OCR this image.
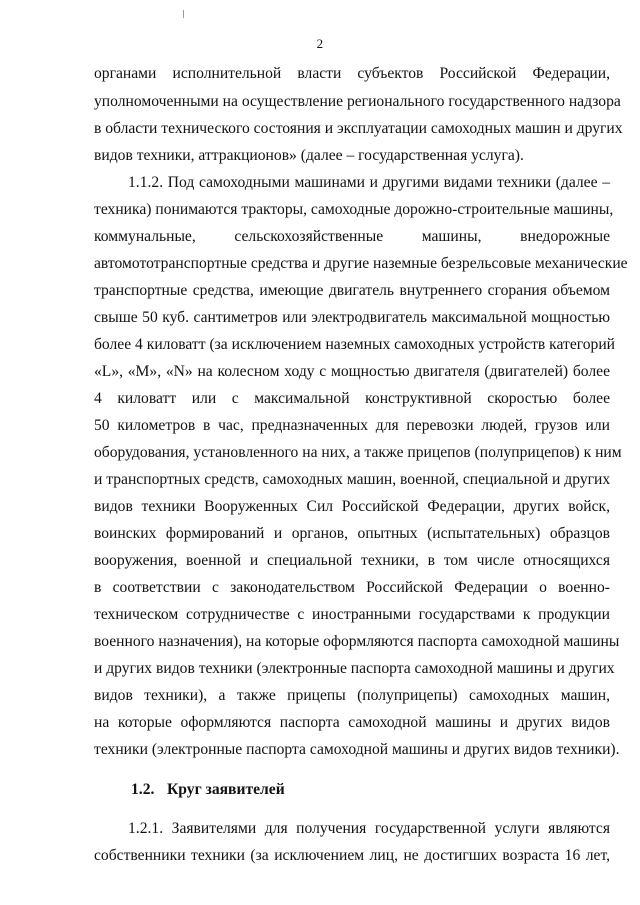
2
органами исполнительной власти субъектов Российской Федерации,
уполномоченными на осуществление регионального государственного надзора
в области технического состояния и эксплуатации самоходных машин и других
видов техники, аттракционов» (далее – государственная услуга).
1.1.2. Под самоходными машинами и другими видами техники (далее –
техника) понимаются тракторы, самоходные дорожно-строительные машины,
коммунальные, сельскохозяйственные машины, внедорожные
автомототранспортные средства и другие наземные безрельсовые механические
транспортные средства, имеющие двигатель внутреннего сгорания объемом
свыше 50 куб. сантиметров или электродвигатель максимальной мощностью
более 4 киловатт (за исключением наземных самоходных устройств категорий
«L», «M», «N» на колесном ходу с мощностью двигателя (двигателей) более
4 киловатт или с максимальной конструктивной скоростью более
50 километров в час, предназначенных для перевозки людей, грузов или
оборудования, установленного на них, а также прицепов (полуприцепов) к ним
и транспортных средств, самоходных машин, военной, специальной и других
видов техники Вооруженных Сил Российской Федерации, других войск,
воинских формирований и органов, опытных (испытательных) образцов
вооружения, военной и специальной техники, в том числе относящихся
в соответствии с законодательством Российской Федерации о военно-
техническом сотрудничестве с иностранными государствами к продукции
военного назначения), на которые оформляются паспорта самоходной машины
и других видов техники (электронные паспорта самоходной машины и других
видов техники), а также прицепы (полуприцепы) самоходных машин,
на которые оформляются паспорта самоходной машины и других видов
техники (электронные паспорта самоходной машины и других видов техники).
1.2. Круг заявителей
1.2.1. Заявителями для получения государственной услуги являются
собственники техники (за исключением лиц, не достигших возраста 16 лет,
